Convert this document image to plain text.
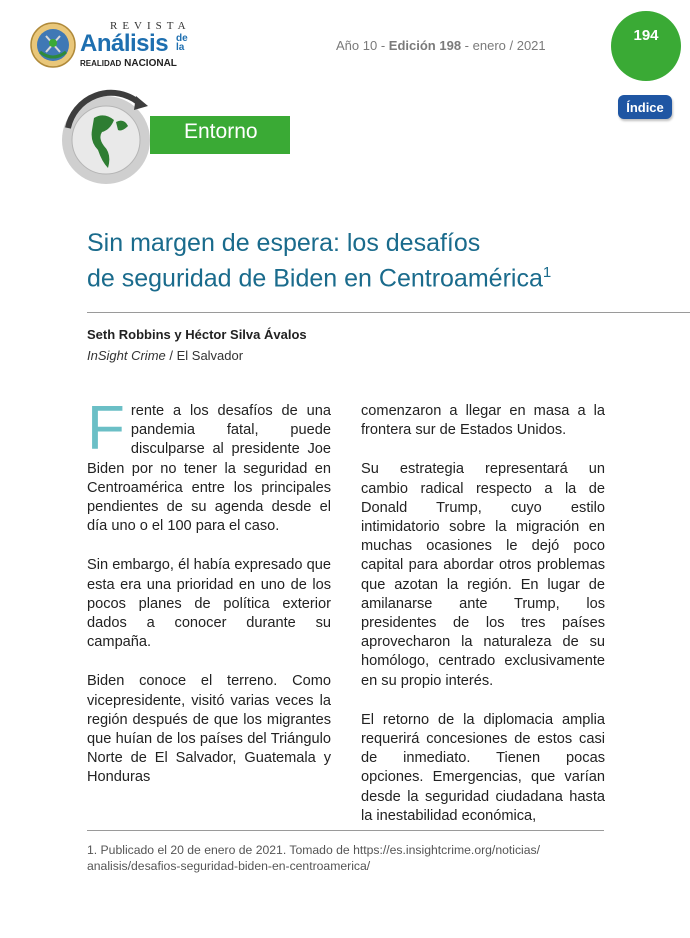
REVISTA
Análisis de la
REALIDAD NACIONAL
Año 10 - Edición 198 - enero / 2021
194
Índice
Entorno
Sin margen de espera: los desafíos
de seguridad de Biden en Centroamérica$^1$
Seth Robbins y Héctor Silva Ávalos
InSight Crime / El Salvador

Frente a los desafíos de una pandemia fatal, puede disculparse al presidente Joe Biden por no tener la seguridad en Centroamérica entre los principales pendientes de su agenda desde el día uno o el 100 para el caso.

Sin embargo, él había expresado que esta era una prioridad en uno de los pocos planes de política exterior dados a conocer durante su campaña.

Biden conoce el terreno. Como vicepresidente, visitó varias veces la región después de que los migrantes que huían de los países del Triángulo Norte de El Salvador, Guatemala y Honduras

comenzaron a llegar en masa a la frontera sur de Estados Unidos.

Su estrategia representará un cambio radical respecto a la de Donald Trump, cuyo estilo intimidatorio sobre la migración en muchas ocasiones le dejó poco capital para abordar otros problemas que azotan la región. En lugar de amilanarse ante Trump, los presidentes de los tres países aprovecharon la naturaleza de su homólogo, centrado exclusivamente en su propio interés.

El retorno de la diplomacia amplia requerirá concesiones de estos casi de inmediato. Tienen pocas opciones. Emergencias, que varían desde la seguridad ciudadana hasta la inestabilidad económica,

1. Publicado el 20 de enero de 2021. Tomado de https://es.insightcrime.org/noticias/
analisis/desafios-seguridad-biden-en-centroamerica/
